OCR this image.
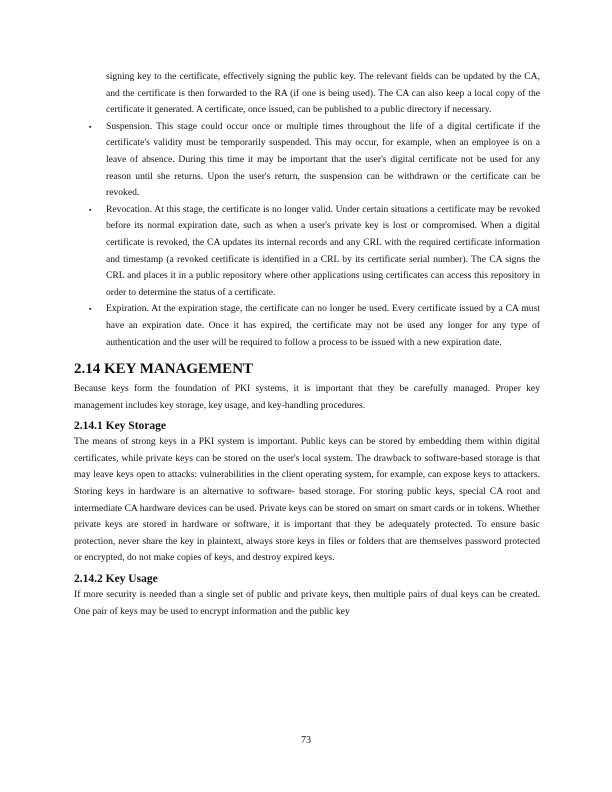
signing key to the certificate, effectively signing the public key. The relevant fields can be updated by the CA, and the certificate is then forwarded to the RA (if one is being used). The CA can also keep a local copy of the certificate it generated. A certificate, once issued, can be published to a public directory if necessary.

▪ Suspension. This stage could occur once or multiple times throughout the life of a digital certificate if the certificate's validity must be temporarily suspended. This may occur, for example, when an employee is on a leave of absence. During this time it may be important that the user's digital certificate not be used for any reason until she returns. Upon the user's return, the suspension can be withdrawn or the certificate can be revoked.
▪ Revocation. At this stage, the certificate is no longer valid. Under certain situations a certificate may be revoked before its normal expiration date, such as when a user's private key is lost or compromised. When a digital certificate is revoked, the CA updates its internal records and any CRL with the required certificate information and timestamp (a revoked certificate is identified in a CRL by its certificate serial number). The CA signs the CRL and places it in a public repository where other applications using certificates can access this repository in order to determine the status of a certificate.
▪ Expiration. At the expiration stage, the certificate can no longer be used. Every certificate issued by a CA must have an expiration date. Once it has expired, the certificate may not be used any longer for any type of authentication and the user will be required to follow a process to be issued with a new expiration date.
2.14 KEY MANAGEMENT

Because keys form the foundation of PKI systems, it is important that they be carefully managed. Proper key management includes key storage, key usage, and key-handling procedures.

2.14.1 Key Storage

The means of strong keys in a PKI system is important. Public keys can be stored by embedding them within digital certificates, while private keys can be stored on the user's local system. The drawback to software-based storage is that may leave keys open to attacks: vulnerabilities in the client operating system, for example, can expose keys to attackers. Storing keys in hardware is an alternative to software- based storage. For storing public keys, special CA root and intermediate CA hardware devices can be used. Private keys can be stored on smart on smart cards or in tokens. Whether private keys are stored in hardware or software, it is important that they be adequately protected. To ensure basic protection, never share the key in plaintext, always store keys in files or folders that are themselves password protected or encrypted, do not make copies of keys, and destroy expired keys.

2.14.2 Key Usage

If more security is needed than a single set of public and private keys, then multiple pairs of dual keys can be created. One pair of keys may be used to encrypt information and the public key

73
